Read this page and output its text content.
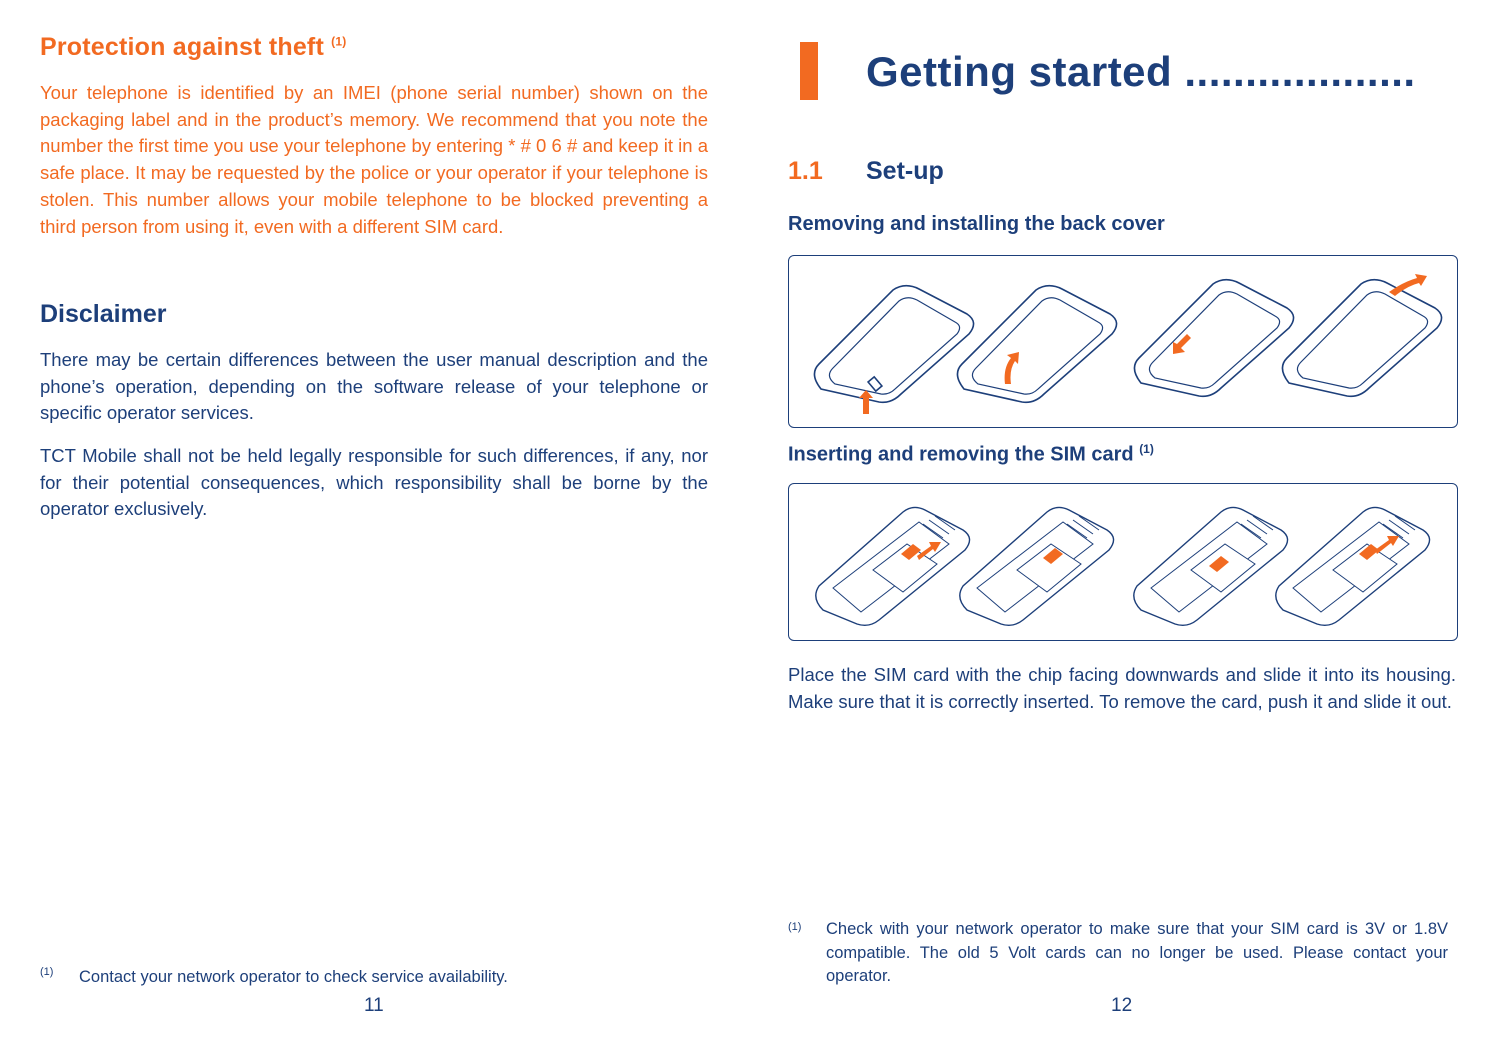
Protection against theft $^{(1)}$

Your telephone is identified by an IMEI (phone serial number) shown on the packaging label and in the product’s memory. We recommend that you note the number the first time you use your telephone by entering * # 0 6 # and keep it in a safe place. It may be requested by the police or your operator if your telephone is stolen. This number allows your mobile telephone to be blocked preventing a third person from using it, even with a different SIM card.

Disclaimer

There may be certain differences between the user manual description and the phone’s operation, depending on the software release of your telephone or specific operator services.

TCT Mobile shall not be held legally responsible for such differences, if any, nor for their potential consequences, which responsibility shall be borne by the operator exclusively.

(1) Contact your network operator to check service availability.

11
Getting started ...................
1.1 Set-up
Removing and installing the back cover
Inserting and removing the SIM card $^{(1)}$

Place the SIM card with the chip facing downwards and slide it into its housing. Make sure that it is correctly inserted. To remove the card, push it and slide it out.

(1) Check with your network operator to make sure that your SIM card is 3V or 1.8V compatible. The old 5 Volt cards can no longer be used. Please contact your operator.

12
